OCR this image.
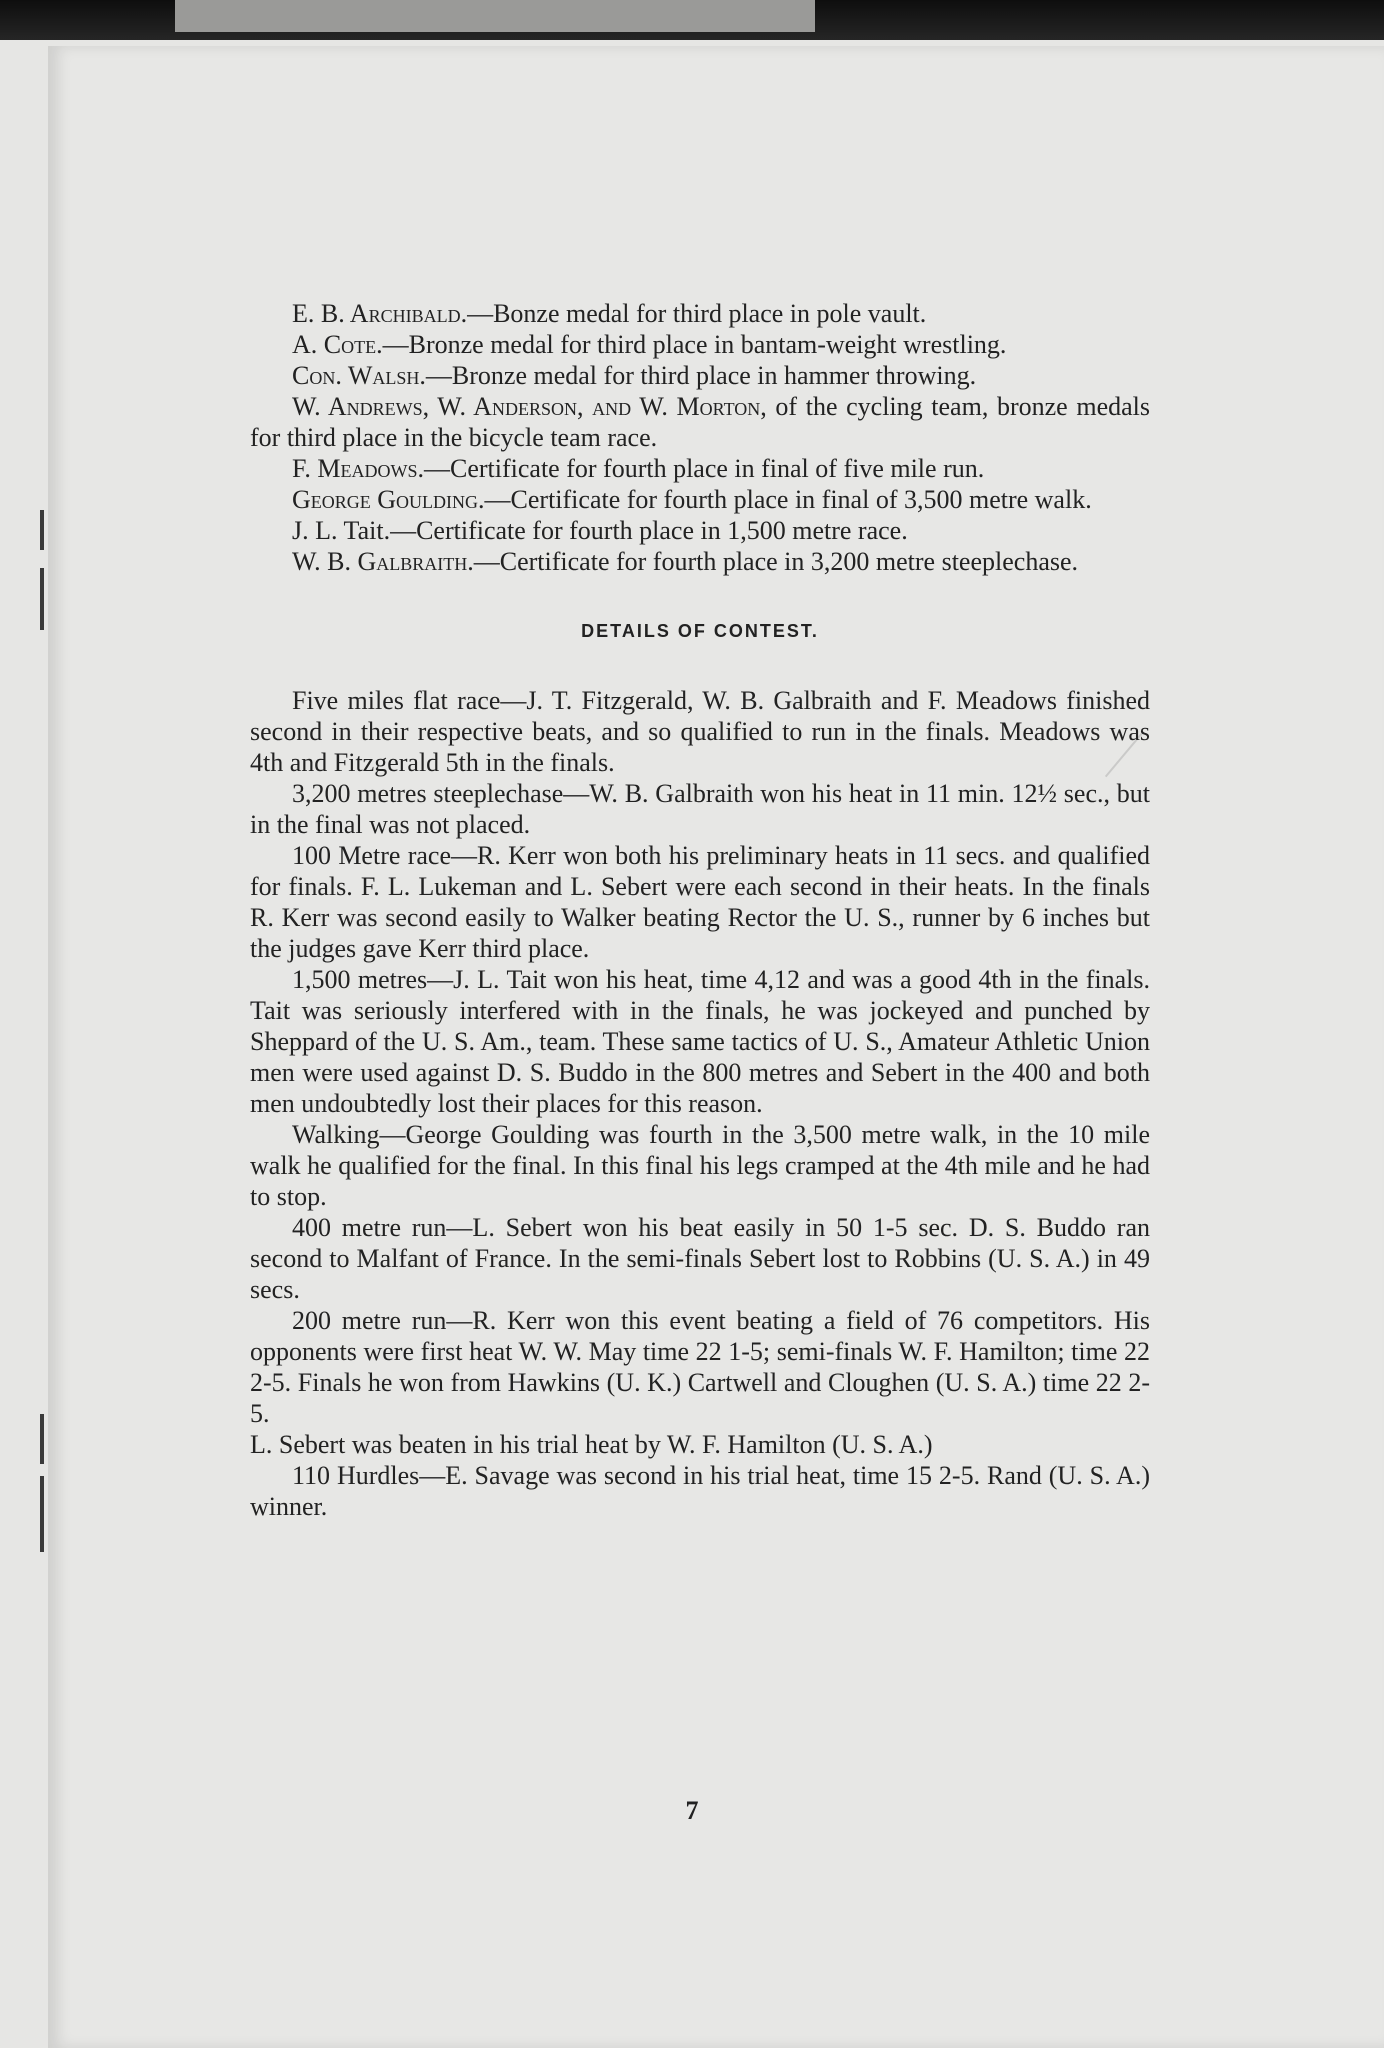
E. B. Archibald.—Bonze medal for third place in pole vault.

A. Cote.—Bronze medal for third place in bantam-weight wrestling.

Con. Walsh.—Bronze medal for third place in hammer throwing.

W. Andrews, W. Anderson, and W. Morton, of the cycling team, bronze medals for third place in the bicycle team race.

F. Meadows.—Certificate for fourth place in final of five mile run.

George Goulding.—Certificate for fourth place in final of 3,500 metre walk.

J. L. Tait.—Certificate for fourth place in 1,500 metre race.

W. B. Galbraith.—Certificate for fourth place in 3,200 metre steeplechase.

DETAILS OF CONTEST.

Five miles flat race—J. T. Fitzgerald, W. B. Galbraith and F. Meadows finished second in their respective beats, and so qualified to run in the finals. Meadows was 4th and Fitzgerald 5th in the finals.

3,200 metres steeplechase—W. B. Galbraith won his heat in 11 min. 12½ sec., but in the final was not placed.

100 Metre race—R. Kerr won both his preliminary heats in 11 secs. and qualified for finals. F. L. Lukeman and L. Sebert were each second in their heats. In the finals R. Kerr was second easily to Walker beating Rector the U. S., runner by 6 inches but the judges gave Kerr third place.

1,500 metres—J. L. Tait won his heat, time 4,12 and was a good 4th in the finals. Tait was seriously interfered with in the finals, he was jockeyed and punched by Sheppard of the U. S. Am., team. These same tactics of U. S., Amateur Athletic Union men were used against D. S. Buddo in the 800 metres and Sebert in the 400 and both men undoubtedly lost their places for this reason.

Walking—George Goulding was fourth in the 3,500 metre walk, in the 10 mile walk he qualified for the final. In this final his legs cramped at the 4th mile and he had to stop.

400 metre run—L. Sebert won his beat easily in 50 1-5 sec. D. S. Buddo ran second to Malfant of France. In the semi-finals Sebert lost to Robbins (U. S. A.) in 49 secs.

200 metre run—R. Kerr won this event beating a field of 76 competitors. His opponents were first heat W. W. May time 22 1-5; semi-finals W. F. Hamilton; time 22 2-5. Finals he won from Hawkins (U. K.) Cartwell and Cloughen (U. S. A.) time 22 2-5.

L. Sebert was beaten in his trial heat by W. F. Hamilton (U. S. A.)

110 Hurdles—E. Savage was second in his trial heat, time 15 2-5. Rand (U. S. A.) winner.

7
